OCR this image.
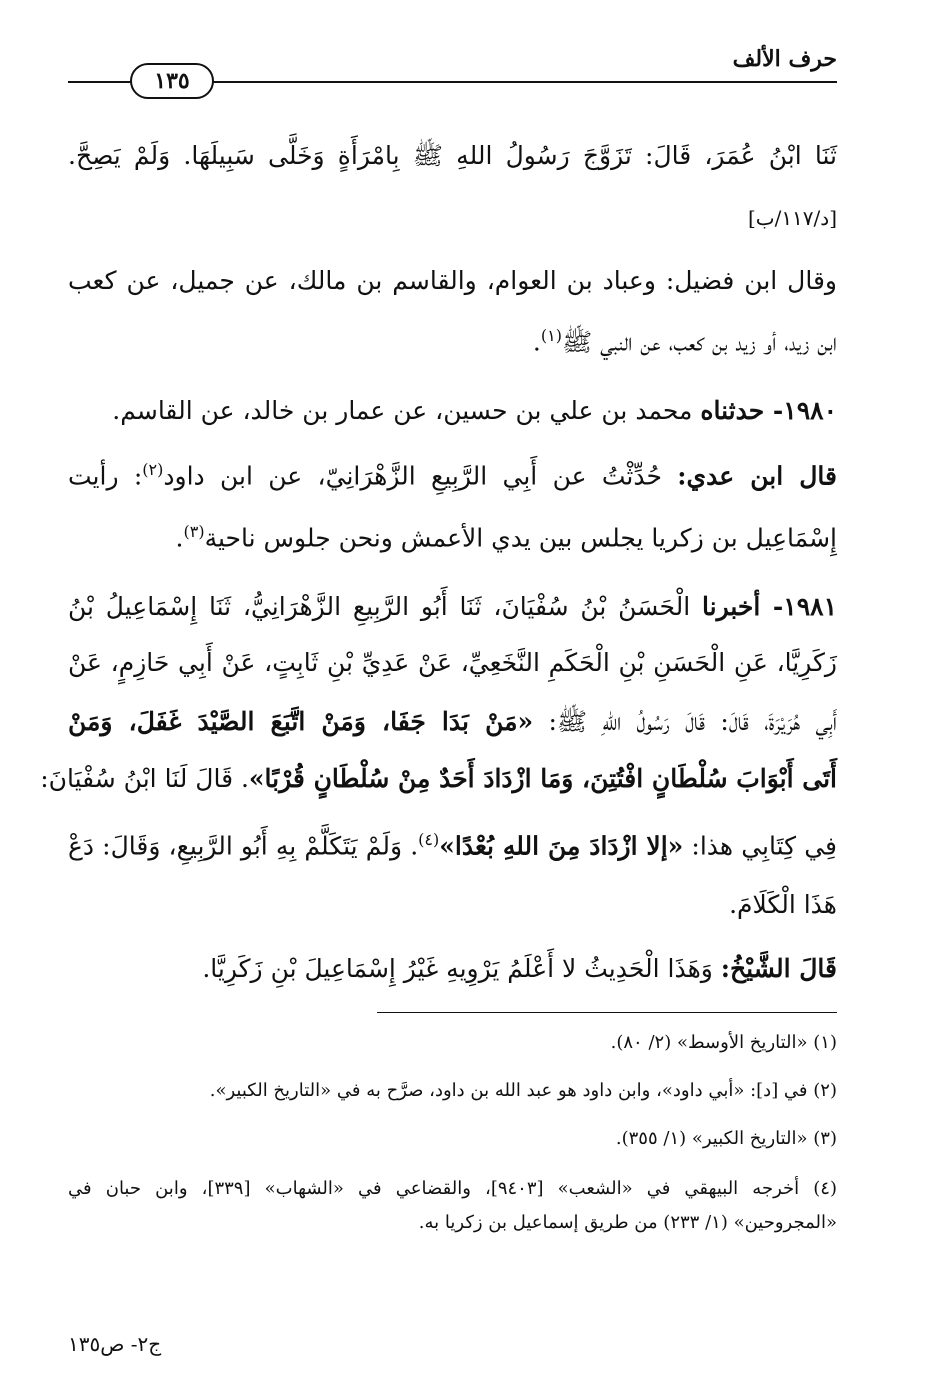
حرف الألف
١٣٥
ثَنَا ابْنُ عُمَرَ، قَالَ: تَزَوَّجَ رَسُولُ اللهِ ﷺ بِامْرَأَةٍ وَخَلَّى سَبِيلَهَا. وَلَمْ يَصِحَّ.
[د/١١٧/ب]
وقال ابن فضيل: وعباد بن العوام، والقاسم بن مالك، عن جميل، عن كعب
ابن زيد، أو زيد بن كعب، عن النبي ﷺ$^{(١)}$.
١٩٨٠- حدثناه محمد بن علي بن حسين، عن عمار بن خالد، عن القاسم.
قال ابن عدي: حُدِّثْتُ عن أَبِي الرَّبِيعِ الزَّهْرَانِيّ، عن ابن داود$^{(٢)}$: رأيت
إِسْمَاعِيل بن زكريا يجلس بين يدي الأعمش ونحن جلوس ناحية$^{(٣)}$.
١٩٨١- أخبرنا الْحَسَنُ بْنُ سُفْيَانَ، ثَنَا أَبُو الرَّبِيعِ الزَّهْرَانِيُّ، ثَنَا إِسْمَاعِيلُ بْنُ
زَكَرِيَّا، عَنِ الْحَسَنِ بْنِ الْحَكَمِ النَّخَعِيِّ، عَنْ عَدِيِّ بْنِ ثَابِتٍ، عَنْ أَبِي حَازِمٍ، عَنْ
أَبِي هُرَيْرَةَ، قَالَ: قَالَ رَسُولُ اللهِ ﷺ: «مَنْ بَدَا جَفَا، وَمَنْ اتَّبَعَ الصَّيْدَ غَفَلَ، وَمَنْ
أَتَى أَبْوَابَ سُلْطَانٍ افْتُتِنَ، وَمَا ازْدَادَ أَحَدٌ مِنْ سُلْطَانٍ قُرْبًا». قَالَ لَنَا ابْنُ سُفْيَانَ:
فِي كِتَابِي هذا: «إلا ازْدَادَ مِنَ اللهِ بُعْدًا»$^{(٤)}$. وَلَمْ يَتَكَلَّمْ بِهِ أَبُو الرَّبِيعِ، وَقَالَ: دَعْ
هَذَا الْكَلَامَ.
قَالَ الشَّيْخُ: وَهَذَا الْحَدِيثُ لا أَعْلَمُ يَرْوِيهِ غَيْرُ إِسْمَاعِيلَ بْنِ زَكَرِيَّا.
(١) «التاريخ الأوسط» (٢/ ٨٠).
(٢) في [د]: «أبي داود»، وابن داود هو عبد الله بن داود، صرَّح به في «التاريخ الكبير».
(٣) «التاريخ الكبير» (١/ ٣٥٥).
(٤) أخرجه البيهقي في «الشعب» [٩٤٠٣]، والقضاعي في «الشهاب» [٣٣٩]، وابن حبان في
«المجروحين» (١/ ٢٣٣) من طريق إسماعيل بن زكريا به.
ج٢- ص١٣٥
